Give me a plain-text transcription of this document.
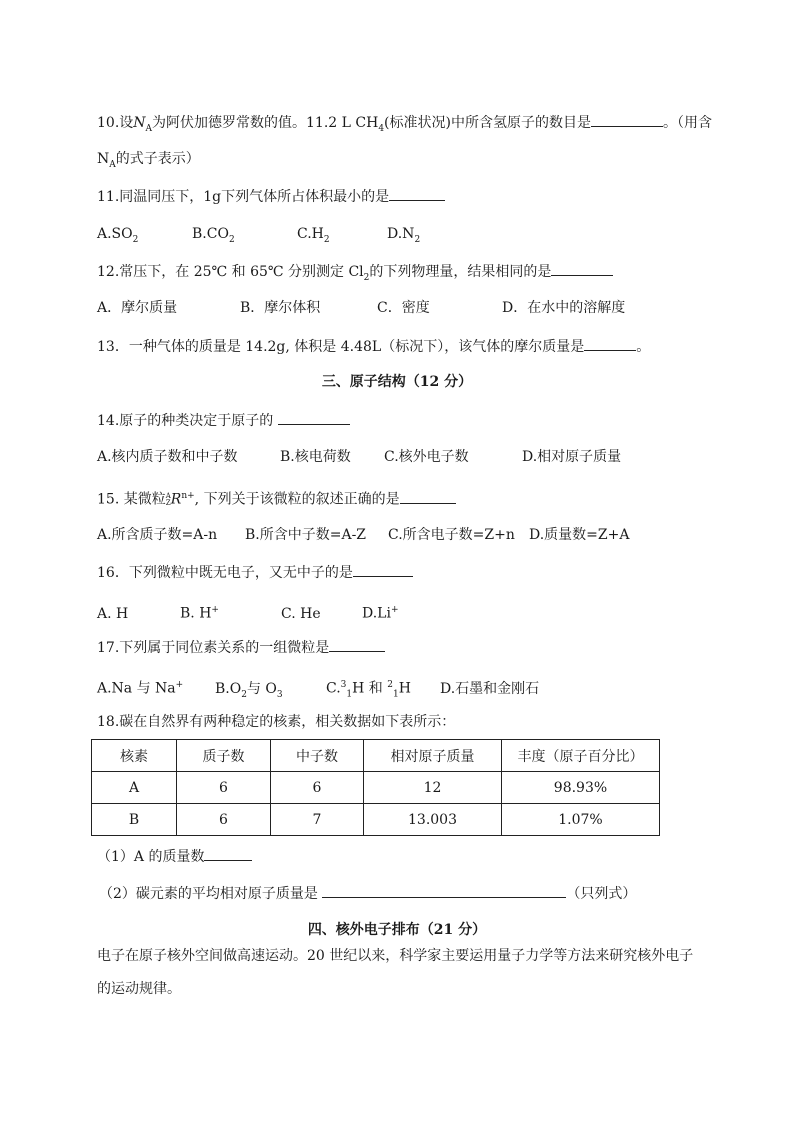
10.设$N_A$为阿伏加德罗常数的值。11.2 L $CH_4$(标准状况)中所含氢原子的数目是	。（用含
$N_A$的式子表示）
11.同温同压下，1g下列气体所占体积最小的是
$A.SO_2$	$B.CO_2$	$C.H_2$	$D.N_2$
12.常压下，在 25℃ 和 65℃ 分别测定 $Cl_2$的下列物理量，结果相同的是
A．摩尔质量	B．摩尔体积	C．密度	D．在水中的溶解度
13．一种气体的质量是 14.2g, 体积是 4.48L（标况下），该气体的摩尔质量是	。
三、原子结构（12 分）
14.原子的种类决定于原子的
A.核内质子数和中子数	B.核电荷数 C.核外电子数	D.相对原子质量
15. 某微粒 A
Z $R^{n+}$, 下列关于该微粒的叙述正确的是
A.所含质子数=A-n B.所含中子数=A-Z C.所含电子数=Z+n D.质量数=Z+A
16．下列微粒中既无电子，又无中子的是
A. H	B. H+	C. He	D.Li+
17.下列属于同位素关系的一组微粒是
A.Na 与 Na+ $B.O_2$与 $O_3$	C.$^3_1$H 和 $^2_1$H D.石墨和金刚石
18.碳在自然界有两种稳定的核素，相关数据如下表所示：
核素	质子数	中子数	相对原子质量	丰度（原子百分比）
A	6	6	12	98.93%
B	6	7	13.003	1.07%
（1）A 的质量数
（2）碳元素的平均相对原子质量是	（只列式）
四、核外电子排布（21 分）
电子在原子核外空间做高速运动。20 世纪以来，科学家主要运用量子力学等方法来研究核外电子的运动规律。
